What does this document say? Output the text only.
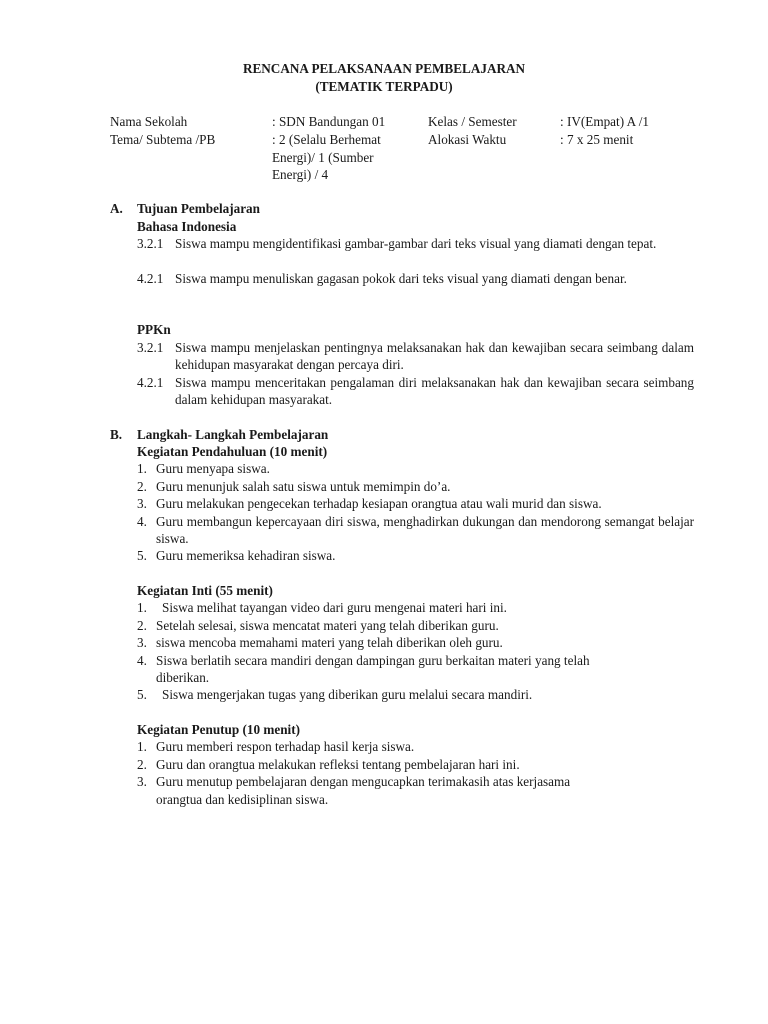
RENCANA PELAKSANAAN PEMBELAJARAN
(TEMATIK TERPADU)
Nama Sekolah	: SDN Bandungan 01	Kelas / Semester	: IV(Empat) A /1
Tema/ Subtema /PB	: 2 (Selalu Berhemat	Alokasi Waktu	: 7 x 25 menit
Energi)/ 1 (Sumber
Energi) / 4
A. Tujuan Pembelajaran
Bahasa Indonesia
3.2.1 Siswa mampu mengidentifikasi gambar-gambar dari teks visual yang diamati dengan tepat.
4.2.1 Siswa mampu menuliskan gagasan pokok dari teks visual yang diamati dengan benar.
PPKn
3.2.1 Siswa mampu menjelaskan pentingnya melaksanakan hak dan kewajiban secara seimbang dalam kehidupan masyarakat dengan percaya diri.
4.2.1 Siswa mampu menceritakan pengalaman diri melaksanakan hak dan kewajiban secara seimbang dalam kehidupan masyarakat.
B. Langkah- Langkah Pembelajaran
Kegiatan Pendahuluan (10 menit)
1. Guru menyapa siswa.
2. Guru menunjuk salah satu siswa untuk memimpin do’a.
3. Guru melakukan pengecekan terhadap kesiapan orangtua atau wali murid dan siswa.
4. Guru membangun kepercayaan diri siswa, menghadirkan dukungan dan mendorong semangat belajar siswa.
5. Guru memeriksa kehadiran siswa.
Kegiatan Inti (55 menit)
1. Siswa melihat tayangan video dari guru mengenai materi hari ini.
2. Setelah selesai, siswa mencatat materi yang telah diberikan guru.
3. siswa mencoba memahami materi yang telah diberikan oleh guru.
4. Siswa berlatih secara mandiri dengan dampingan guru berkaitan materi yang telah
diberikan.
5. Siswa mengerjakan tugas yang diberikan guru melalui secara mandiri.
Kegiatan Penutup (10 menit)
1. Guru memberi respon terhadap hasil kerja siswa.
2. Guru dan orangtua melakukan refleksi tentang pembelajaran hari ini.
3. Guru menutup pembelajaran dengan mengucapkan terimakasih atas kerjasama
orangtua dan kedisiplinan siswa.
